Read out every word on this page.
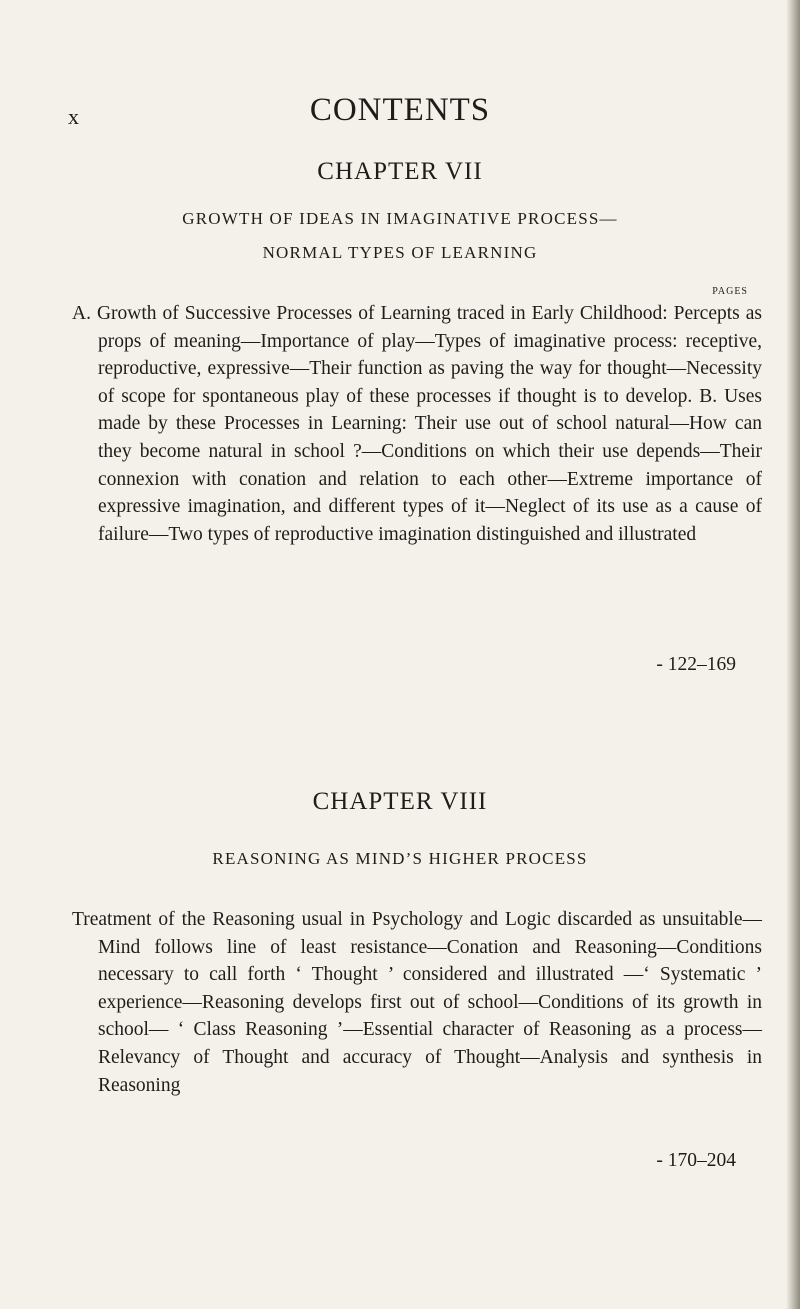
x	CONTENTS
CHAPTER VII
GROWTH OF IDEAS IN IMAGINATIVE PROCESS—
NORMAL TYPES OF LEARNING
PAGES
A. Growth of Successive Processes of Learning traced in Early Childhood: Percepts as props of meaning—Importance of play—Types of imaginative process: receptive, reproductive, expressive—Their function as paving the way for thought—Necessity of scope for spontaneous play of these processes if thought is to develop. B. Uses made by these Processes in Learning: Their use out of school natural—How can they become natural in school ?—Conditions on which their use depends—Their connexion with conation and relation to each other—Extreme importance of expressive imagination, and different types of it—Neglect of its use as a cause of failure—Two types of reproductive imagination distinguished and illustrated
- 122–169
CHAPTER VIII
REASONING AS MIND’S HIGHER PROCESS
Treatment of the Reasoning usual in Psychology and Logic discarded as unsuitable—Mind follows line of least resistance—Conation and Reasoning—Conditions necessary to call forth ‘ Thought ’ considered and illustrated —‘ Systematic ’ experience—Reasoning develops first out of school—Conditions of its growth in school— ‘ Class Reasoning ’—Essential character of Reasoning as a process—Relevancy of Thought and accuracy of Thought—Analysis and synthesis in Reasoning
- 170–204
